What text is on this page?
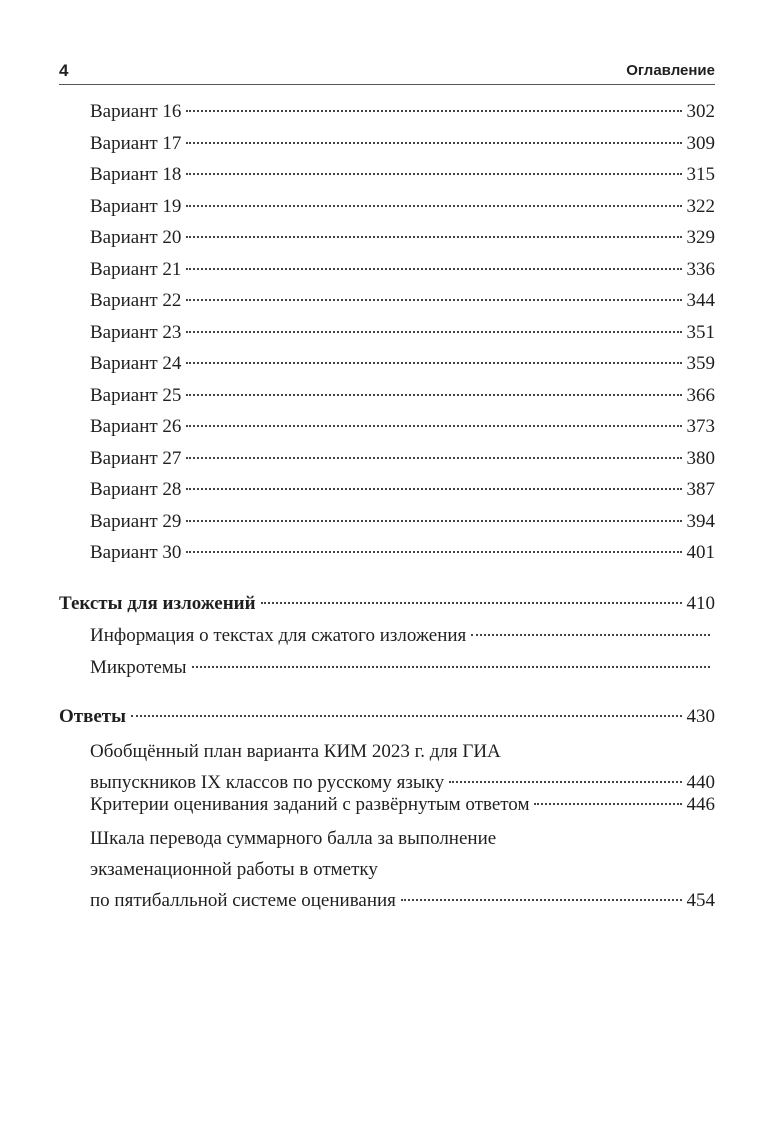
4	Оглавление
Вариант 16	302
Вариант 17	309
Вариант 18	315
Вариант 19	322
Вариант 20	329
Вариант 21	336
Вариант 22	344
Вариант 23	351
Вариант 24	359
Вариант 25	366
Вариант 26	373
Вариант 27	380
Вариант 28	387
Вариант 29	394
Вариант 30	401
Тексты для изложений	410
Информация о текстах для сжатого изложения
Микротемы
Ответы	430
Обобщённый план варианта КИМ 2023 г. для ГИА
выпускников IX классов по русскому языку	440
Критерии оценивания заданий с развёрнутым ответом	446
Шкала перевода суммарного балла за выполнение
экзаменационной работы в отметку
по пятибалльной системе оценивания	454
